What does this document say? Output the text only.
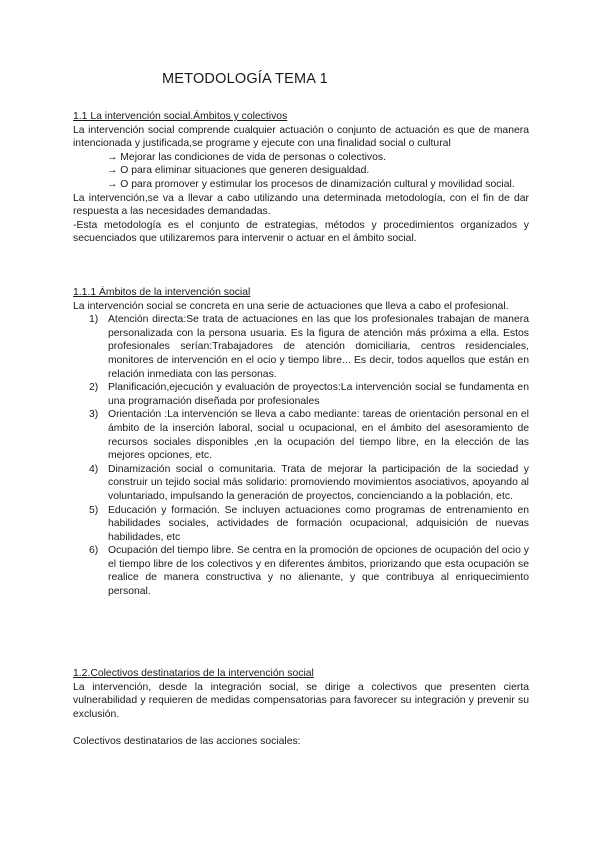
METODOLOGÍA TEMA 1
1.1 La intervención social.Ámbitos y colectivos

La intervención social comprende cualquier actuación o conjunto de actuación es que de manera intencionada y justificada,se programe y ejecute con una finalidad social o cultural

→ Mejorar las condiciones de vida de personas o colectivos.
→ O para eliminar situaciones que generen desigualdad.
→ O para promover y estimular los procesos de dinamización cultural y movilidad social.

La intervención,se va a llevar a cabo utilizando una determinada metodología, con el fin de dar respuesta a las necesidades demandadas.

-Esta metodología es el conjunto de estrategias, métodos y procedimientos organizados y secuenciados que utilizaremos para intervenir o actuar en el ámbito social.

1.1.1 Ámbitos de la intervención social

La intervención social se concreta en una serie de actuaciones que lleva a cabo el profesional.

1) Atención directa:Se trata de actuaciones en las que los profesionales trabajan de manera personalizada con la persona usuaria. Es la figura de atención más próxima a ella. Estos profesionales serían:Trabajadores de atención domiciliaria, centros residenciales, monitores de intervención en el ocio y tiempo libre... Es decir, todos aquellos que están en relación inmediata con las personas.
2) Planificación,ejecución y evaluación de proyectos:La intervención social se fundamenta en una programación diseñada por profesionales
3) Orientación :La intervención se lleva a cabo mediante: tareas de orientación personal en el ámbito de la inserción laboral, social u ocupacional, en el ámbito del asesoramiento de recursos sociales disponibles ,en la ocupación del tiempo libre, en la elección de las mejores opciones, etc.
4) Dinamización social o comunitaria. Trata de mejorar la participación de la sociedad y construir un tejido social más solidario: promoviendo movimientos asociativos, apoyando al voluntariado, impulsando la generación de proyectos, concienciando a la población, etc.
5) Educación y formación. Se incluyen actuaciones como programas de entrenamiento en habilidades sociales, actividades de formación ocupacional, adquisición de nuevas habilidades, etc
6) Ocupación del tiempo libre. Se centra en la promoción de opciones de ocupación del ocio y el tiempo libre de los colectivos y en diferentes ámbitos, priorizando que esta ocupación se realice de manera constructiva y no alienante, y que contribuya al enriquecimiento personal.
1.2.Colectivos destinatarios de la intervención social

La intervención, desde la integración social, se dirige a colectivos que presenten cierta vulnerabilidad y requieren de medidas compensatorias para favorecer su integración y prevenir su exclusión.

Colectivos destinatarios de las acciones sociales:
